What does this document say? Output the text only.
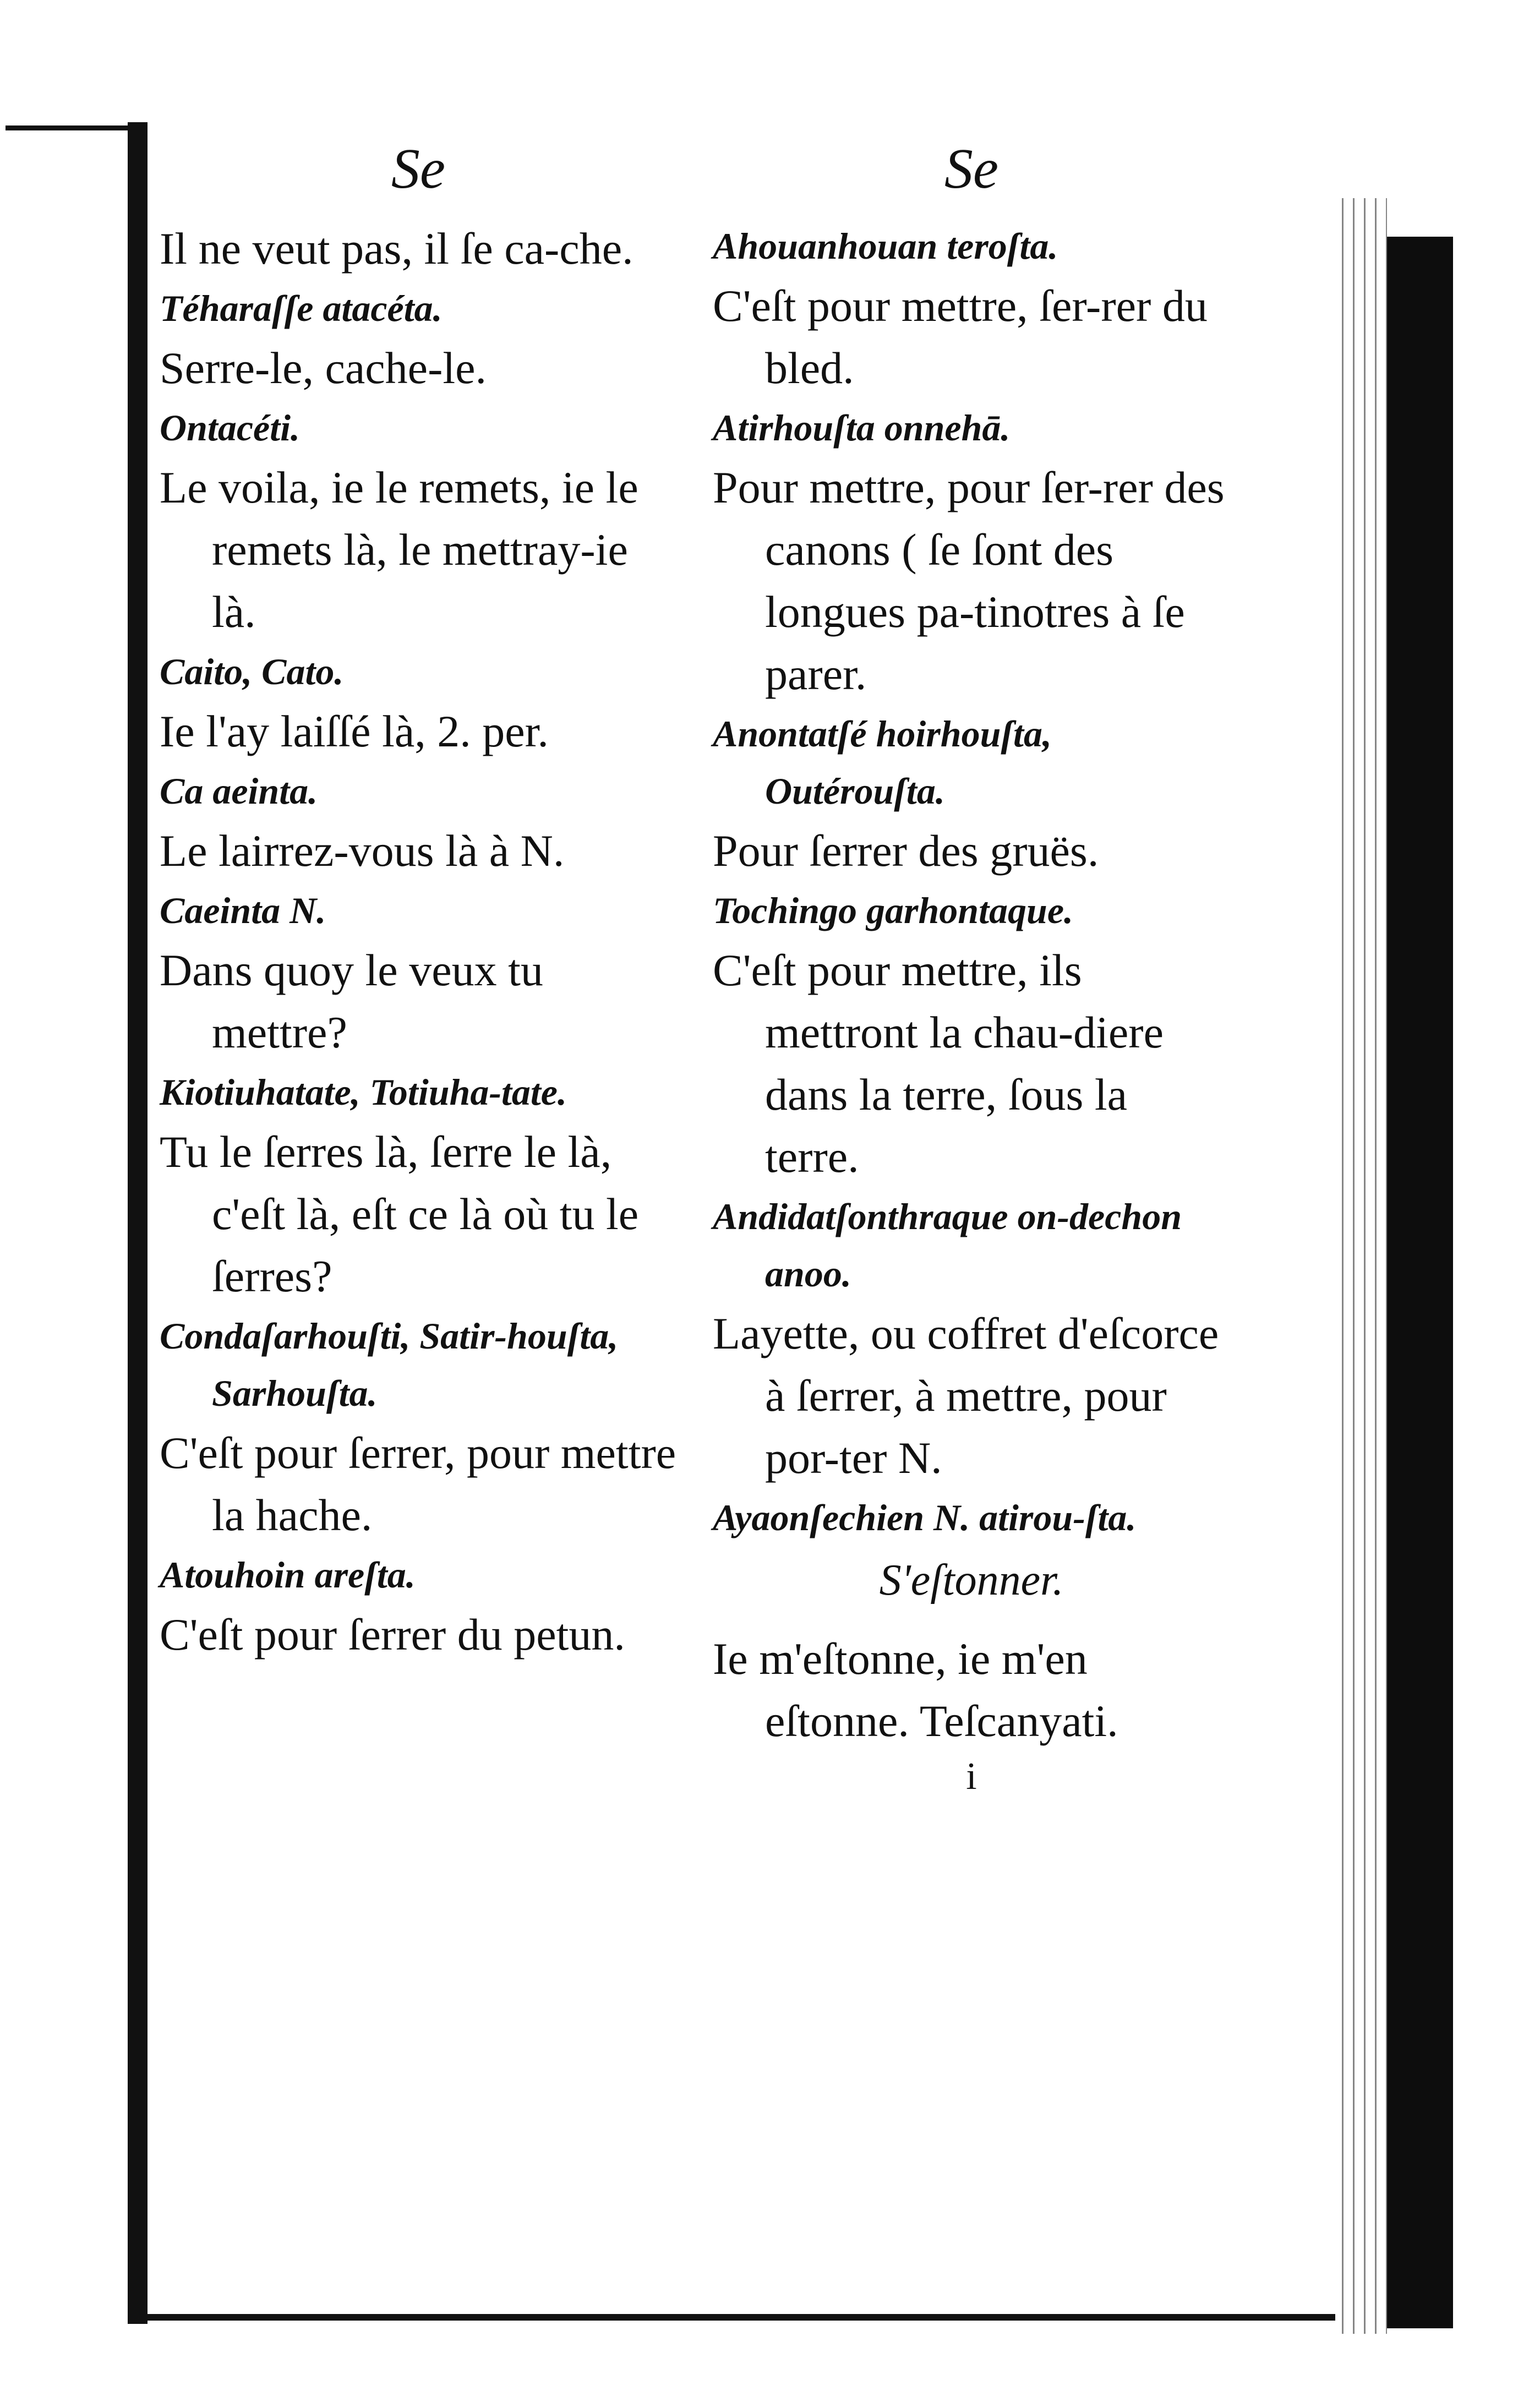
Se
Il ne veut pas, il ſe ca-che.
Téharaſſe atacéta.
Serre-le, cache-le.
Ontacéti.
Le voila, ie le remets, ie le remets là, le mettray-ie là.
Caito, Cato.
Ie l'ay laiſſé là, 2. per.
Ca aeinta.
Le lairrez-vous là à N.
Caeinta N.
Dans quoy le veux tu mettre?
Kiotiuhatate, Totiuha-tate.
Tu le ſerres là, ſerre le là, c'eſt là, eſt ce là où tu le ſerres?
Condaſarhouſti, Satir-houſta, Sarhouſta.
C'eſt pour ſerrer, pour mettre la hache.
Atouhoin areſta.
C'eſt pour ſerrer du petun.
Se
Ahouanhouan teroſta.
C'eſt pour mettre, ſer-rer du bled.
Atirhouſta onnehā.
Pour mettre, pour ſer-rer des canons ( ſe ſont des longues pa-tinotres à ſe parer.
Anontatſé hoirhouſta, Outérouſta.
Pour ſerrer des gruës.
Tochingo garhontaque.
C'eſt pour mettre, ils mettront la chau-diere dans la terre, ſous la terre.
Andidatſonthraque on-dechon anoo.
Layette, ou coffret d'eſcorce à ſerrer, à mettre, pour por-ter N.
Ayaonſechien N. atirou-ſta.
S'eſtonner.
Ie m'eſtonne, ie m'en eſtonne. Teſcanyati.
i
